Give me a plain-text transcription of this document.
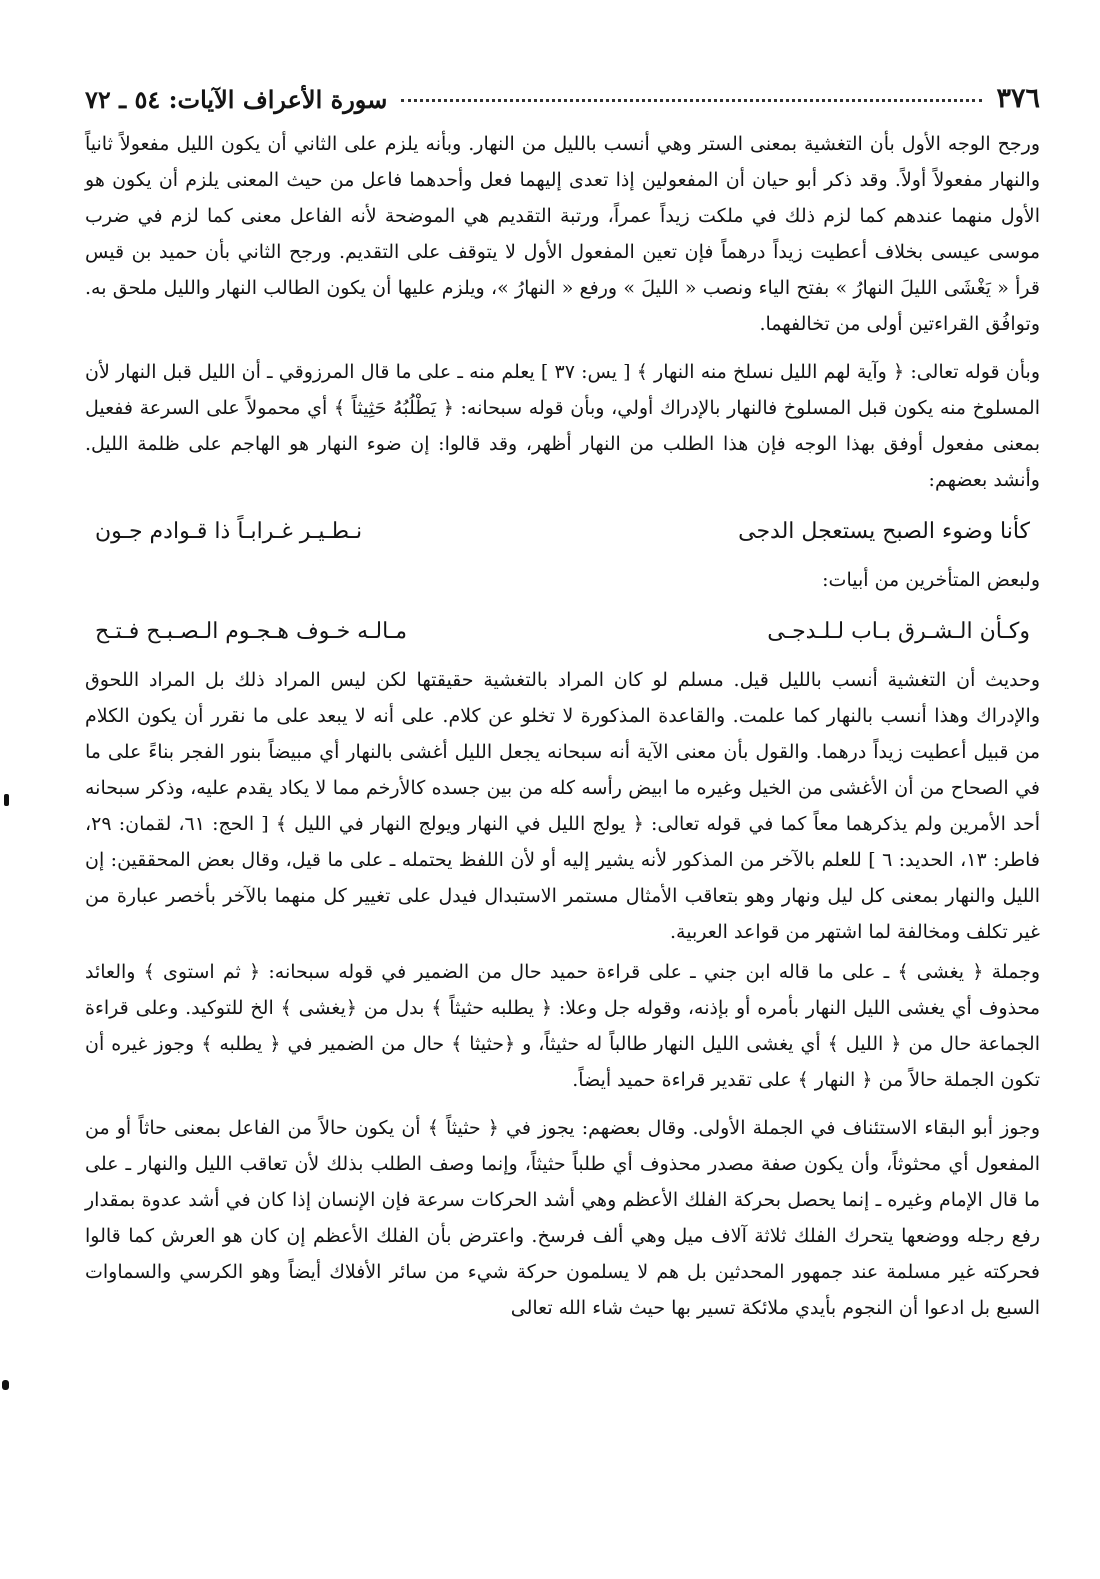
٣٧٦
سورة الأعراف الآيات: ٥٤ ـ ٧٢

ورجح الوجه الأول بأن التغشية بمعنى الستر وهي أنسب بالليل من النهار. وبأنه يلزم على الثاني أن يكون الليل مفعولاً ثانياً والنهار مفعولاً أولاً. وقد ذكر أبو حيان أن المفعولين إذا تعدى إليهما فعل وأحدهما فاعل من حيث المعنى يلزم أن يكون هو الأول منهما عندهم كما لزم ذلك في ملكت زيداً عمراً، ورتبة التقديم هي الموضحة لأنه الفاعل معنى كما لزم في ضرب موسى عيسى بخلاف أعطيت زيداً درهماً فإن تعين المفعول الأول لا يتوقف على التقديم. ورجح الثاني بأن حميد بن قيس قرأ « يَغْشَى الليلَ النهارُ » بفتح الياء ونصب « الليلَ » ورفع « النهارُ »، ويلزم عليها أن يكون الطالب النهار والليل ملحق به. وتوافُق القراءتين أولى من تخالفهما.

وبأن قوله تعالى: ﴿ وآية لهم الليل نسلخ منه النهار ﴾ [ يس: ٣٧ ] يعلم منه ـ على ما قال المرزوقي ـ أن الليل قبل النهار لأن المسلوخ منه يكون قبل المسلوخ فالنهار بالإدراك أولي، وبأن قوله سبحانه: ﴿ يَطْلُبُهُ حَثِيثاً ﴾ أي محمولاً على السرعة ففعيل بمعنى مفعول أوفق بهذا الوجه فإن هذا الطلب من النهار أظهر، وقد قالوا: إن ضوء النهار هو الهاجم على ظلمة الليل. وأنشد بعضهم:

كأنا وضوء الصبح يستعجل الدجى
نـطـيـر غـرابـاً ذا قـوادم جـون

ولبعض المتأخرين من أبيات:

وكـأن الـشـرق بـاب لـلـدجـى
مـالـه خـوف هـجـوم الـصـبـح فـتـح

وحديث أن التغشية أنسب بالليل قيل. مسلم لو كان المراد بالتغشية حقيقتها لكن ليس المراد ذلك بل المراد اللحوق والإدراك وهذا أنسب بالنهار كما علمت. والقاعدة المذكورة لا تخلو عن كلام. على أنه لا يبعد على ما نقرر أن يكون الكلام من قبيل أعطيت زيداً درهما. والقول بأن معنى الآية أنه سبحانه يجعل الليل أغشى بالنهار أي مبيضاً بنور الفجر بناءً على ما في الصحاح من أن الأغشى من الخيل وغيره ما ابيض رأسه كله من بين جسده كالأرخم مما لا يكاد يقدم عليه، وذكر سبحانه أحد الأمرين ولم يذكرهما معاً كما في قوله تعالى: ﴿ يولج الليل في النهار ويولج النهار في الليل ﴾ [ الحج: ٦١، لقمان: ٢٩، فاطر: ١٣، الحديد: ٦ ] للعلم بالآخر من المذكور لأنه يشير إليه أو لأن اللفظ يحتمله ـ على ما قيل، وقال بعض المحققين: إن الليل والنهار بمعنى كل ليل ونهار وهو بتعاقب الأمثال مستمر الاستبدال فيدل على تغيير كل منهما بالآخر بأخصر عبارة من غير تكلف ومخالفة لما اشتهر من قواعد العربية.

وجملة ﴿ يغشى ﴾ ـ على ما قاله ابن جني ـ على قراءة حميد حال من الضمير في قوله سبحانه: ﴿ ثم استوى ﴾ والعائد محذوف أي يغشى الليل النهار بأمره أو بإذنه، وقوله جل وعلا: ﴿ يطلبه حثيثاً ﴾ بدل من ﴿يغشى ﴾ الخ للتوكيد. وعلى قراءة الجماعة حال من ﴿ الليل ﴾ أي يغشى الليل النهار طالباً له حثيثاً، و ﴿حثيثا ﴾ حال من الضمير في ﴿ يطلبه ﴾ وجوز غيره أن تكون الجملة حالاً من ﴿ النهار ﴾ على تقدير قراءة حميد أيضاً.

وجوز أبو البقاء الاستئناف في الجملة الأولى. وقال بعضهم: يجوز في ﴿ حثيثاً ﴾ أن يكون حالاً من الفاعل بمعنى حاثاً أو من المفعول أي محثوثاً، وأن يكون صفة مصدر محذوف أي طلباً حثيثاً، وإنما وصف الطلب بذلك لأن تعاقب الليل والنهار ـ على ما قال الإمام وغيره ـ إنما يحصل بحركة الفلك الأعظم وهي أشد الحركات سرعة فإن الإنسان إذا كان في أشد عدوة بمقدار رفع رجله ووضعها يتحرك الفلك ثلاثة آلاف ميل وهي ألف فرسخ. واعترض بأن الفلك الأعظم إن كان هو العرش كما قالوا فحركته غير مسلمة عند جمهور المحدثين بل هم لا يسلمون حركة شيء من سائر الأفلاك أيضاً وهو الكرسي والسماوات السبع بل ادعوا أن النجوم بأيدي ملائكة تسير بها حيث شاء الله تعالى
